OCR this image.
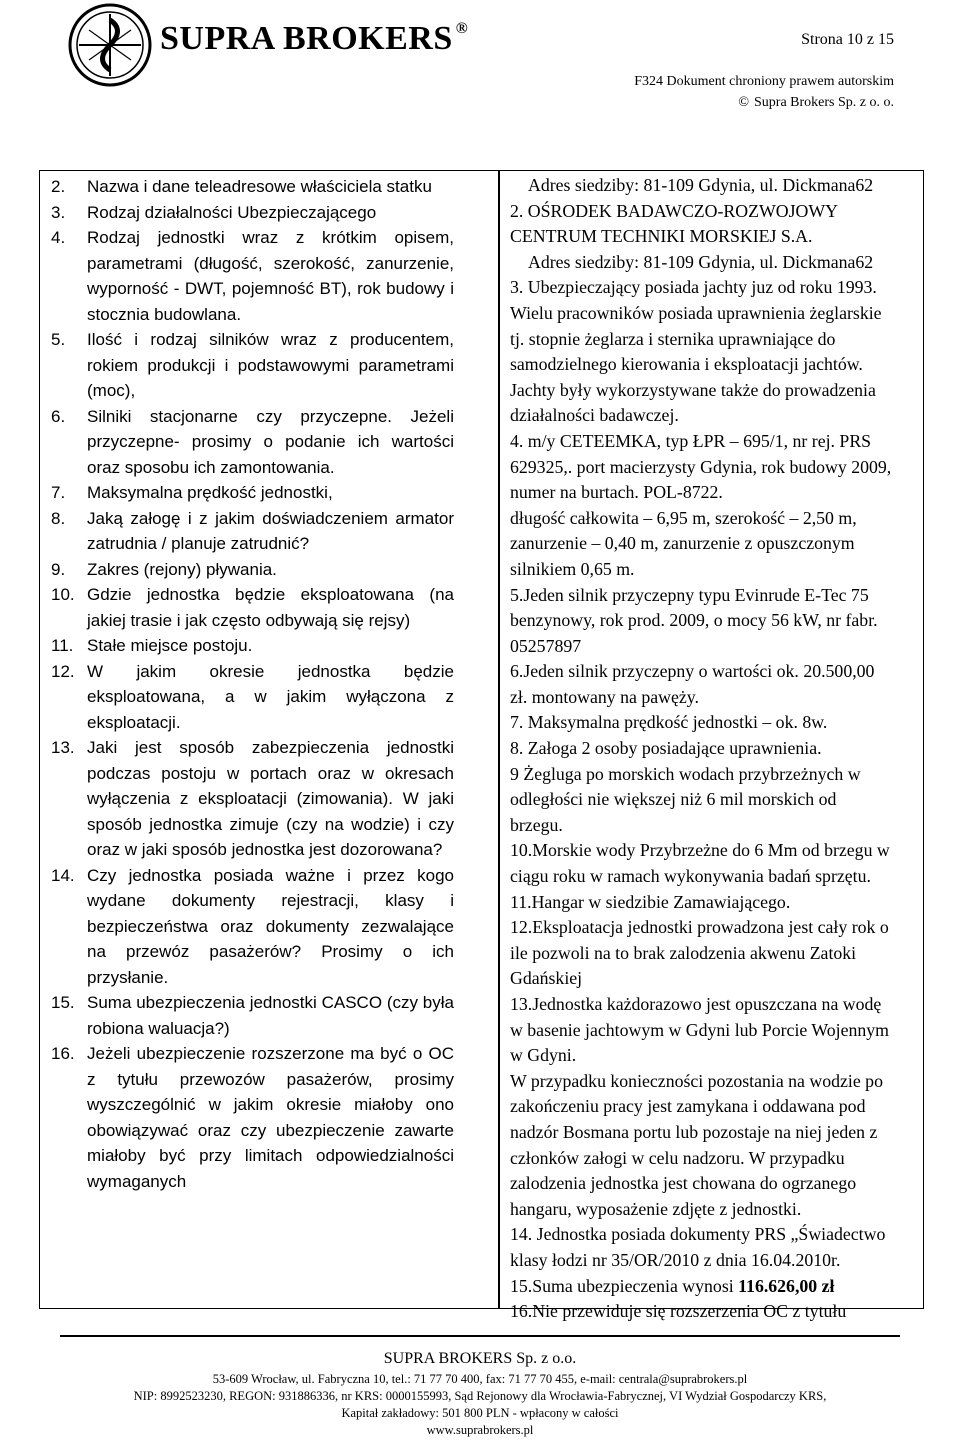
SUPRA BROKERS ®
Strona 10 z 15
F324 Dokument chroniony prawem autorskim
© Supra Brokers Sp. z o. o.
2.	Nazwa i dane teleadresowe właściciela statku
3.	Rodzaj działalności Ubezpieczającego
4.	Rodzaj jednostki wraz z krótkim opisem, parametrami (długość, szerokość, zanurzenie, wyporność - DWT, pojemność BT), rok budowy i stocznia budowlana.
5.	Ilość i rodzaj silników wraz z producentem, rokiem produkcji i podstawowymi parametrami (moc),
6.	Silniki stacjonarne czy przyczepne. Jeżeli przyczepne- prosimy o podanie ich wartości oraz sposobu ich zamontowania.
7.	Maksymalna prędkość jednostki,
8.	Jaką załogę i z jakim doświadczeniem armator zatrudnia / planuje zatrudnić?
9.	Zakres (rejony) pływania.
10. Gdzie jednostka będzie eksploatowana (na jakiej trasie i jak często odbywają się rejsy)
11. Stałe miejsce postoju.
12. W jakim okresie jednostka będzie eksploatowana, a w jakim wyłączona z eksploatacji.
13. Jaki jest sposób zabezpieczenia jednostki podczas postoju w portach oraz w okresach wyłączenia z eksploatacji (zimowania). W jaki sposób jednostka zimuje (czy na wodzie) i czy oraz w jaki sposób jednostka jest dozorowana?
14. Czy jednostka posiada ważne i przez kogo wydane dokumenty rejestracji, klasy i bezpieczeństwa oraz dokumenty zezwalające na przewóz pasażerów? Prosimy o ich przysłanie.
15. Suma ubezpieczenia jednostki CASCO (czy była robiona waluacja?)
16. Jeżeli ubezpieczenie rozszerzone ma być o OC z tytułu przewozów pasażerów, prosimy wyszczególnić w jakim okresie miałoby ono obowiązywać oraz czy ubezpieczenie zawarte miałoby być przy limitach odpowiedzialności wymaganych

Adres siedziby: 81-109 Gdynia, ul. Dickmana62

2. OŚRODEK BADAWCZO-ROZWOJOWY

CENTRUM TECHNIKI MORSKIEJ S.A.

Adres siedziby: 81-109 Gdynia, ul. Dickmana62

3. Ubezpieczający posiada jachty juz od roku 1993.

Wielu pracowników posiada uprawnienia żeglarskie

tj. stopnie żeglarza i sternika uprawniające do

samodzielnego kierowania i eksploatacji jachtów.

Jachty były wykorzystywane także do prowadzenia

działalności badawczej.

4. m/y CETEEMKA, typ ŁPR – 695/1, nr rej. PRS

629325,. port macierzysty Gdynia, rok budowy 2009,

numer na burtach. POL-8722.

długość całkowita – 6,95 m, szerokość – 2,50 m,

zanurzenie – 0,40 m, zanurzenie z opuszczonym

silnikiem 0,65 m.

5.Jeden silnik przyczepny typu Evinrude E-Tec 75

benzynowy, rok prod. 2009, o mocy 56 kW, nr fabr.

05257897

6.Jeden silnik przyczepny o wartości ok. 20.500,00

zł. montowany na pawęży.

7. Maksymalna prędkość jednostki – ok. 8w.

8. Załoga 2 osoby posiadające uprawnienia.

9 Żegluga po morskich wodach przybrzeżnych w

odległości nie większej niż 6 mil morskich od

brzegu.

10.Morskie wody Przybrzeżne do 6 Mm od brzegu w

ciągu roku w ramach wykonywania badań sprzętu.

11.Hangar w siedzibie Zamawiającego.

12.Eksploatacja jednostki prowadzona jest cały rok o

ile pozwoli na to brak zalodzenia akwenu Zatoki

Gdańskiej

13.Jednostka każdorazowo jest opuszczana na wodę

w basenie jachtowym w Gdyni lub Porcie Wojennym

w Gdyni.

W przypadku konieczności pozostania na wodzie po

zakończeniu pracy jest zamykana i oddawana pod

nadzór Bosmana portu lub pozostaje na niej jeden z

członków załogi w celu nadzoru. W przypadku

zalodzenia jednostka jest chowana do ogrzanego

hangaru, wyposażenie zdjęte z jednostki.

14. Jednostka posiada dokumenty PRS „Świadectwo

klasy łodzi nr 35/OR/2010 z dnia 16.04.2010r.

15.Suma ubezpieczenia wynosi 116.626,00 zł

16.Nie przewiduje się rozszerzenia OC z tytułu

SUPRA BROKERS Sp. z o.o.
53-609 Wrocław, ul. Fabryczna 10, tel.: 71 77 70 400, fax: 71 77 70 455, e-mail: centrala@suprabrokers.pl
NIP: 8992523230, REGON: 931886336, nr KRS: 0000155993, Sąd Rejonowy dla Wrocławia-Fabrycznej, VI Wydział Gospodarczy KRS,
Kapitał zakładowy: 501 800 PLN - wpłacony w całości
www.suprabrokers.pl
